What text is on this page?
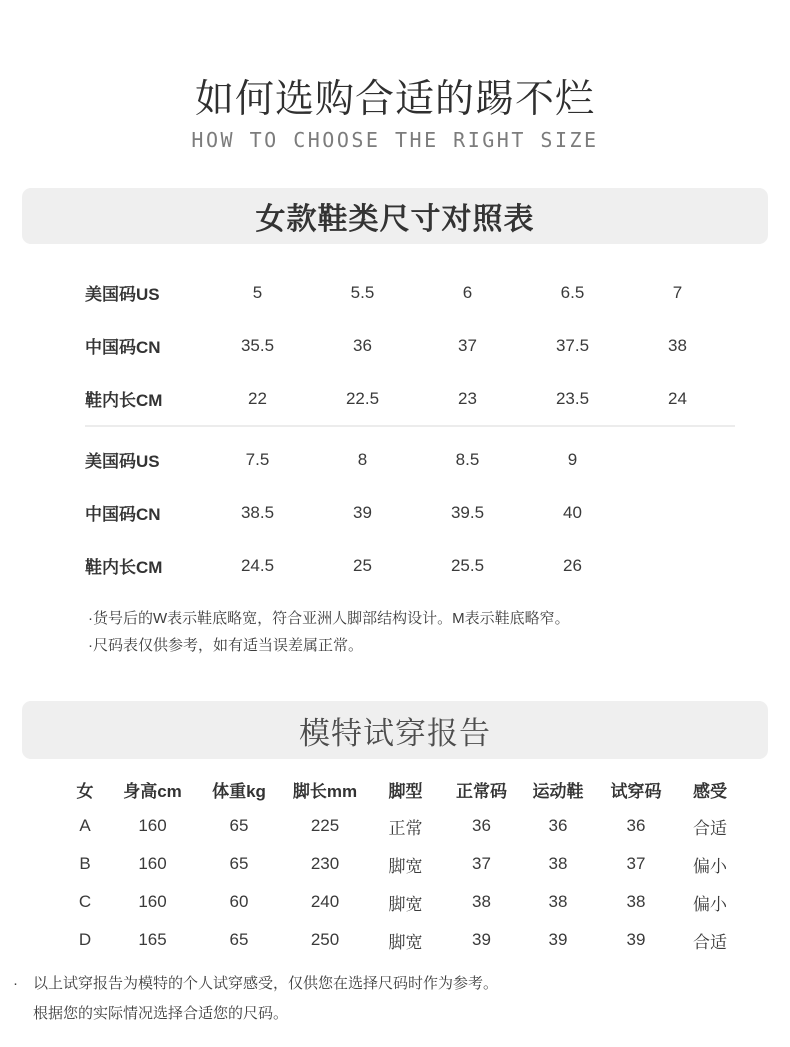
如何选购合适的踢不烂
HOW TO CHOOSE THE RIGHT SIZE
女款鞋类尺寸对照表
美国码US	5	5.5	6	6.5	7
中国码CN	35.5	36	37	37.5	38
鞋内长CM	22	22.5	23	23.5	24
美国码US	7.5	8	8.5	9
中国码CN	38.5	39	39.5	40
鞋内长CM	24.5	25	25.5	26
·货号后的W表示鞋底略宽，符合亚洲人脚部结构设计。M表示鞋底略窄。
·尺码表仅供参考，如有适当误差属正常。
模特试穿报告
女	身高cm	体重kg	脚长mm	脚型	正常码	运动鞋	试穿码	感受
A	160	65	225	正常	36	36	36	合适
B	160	65	230	脚宽	37	38	37	偏小
C	160	60	240	脚宽	38	38	38	偏小
D	165	65	250	脚宽	39	39	39	合适
·	以上试穿报告为模特的个人试穿感受，仅供您在选择尺码时作为参考。
根据您的实际情况选择合适您的尺码。
